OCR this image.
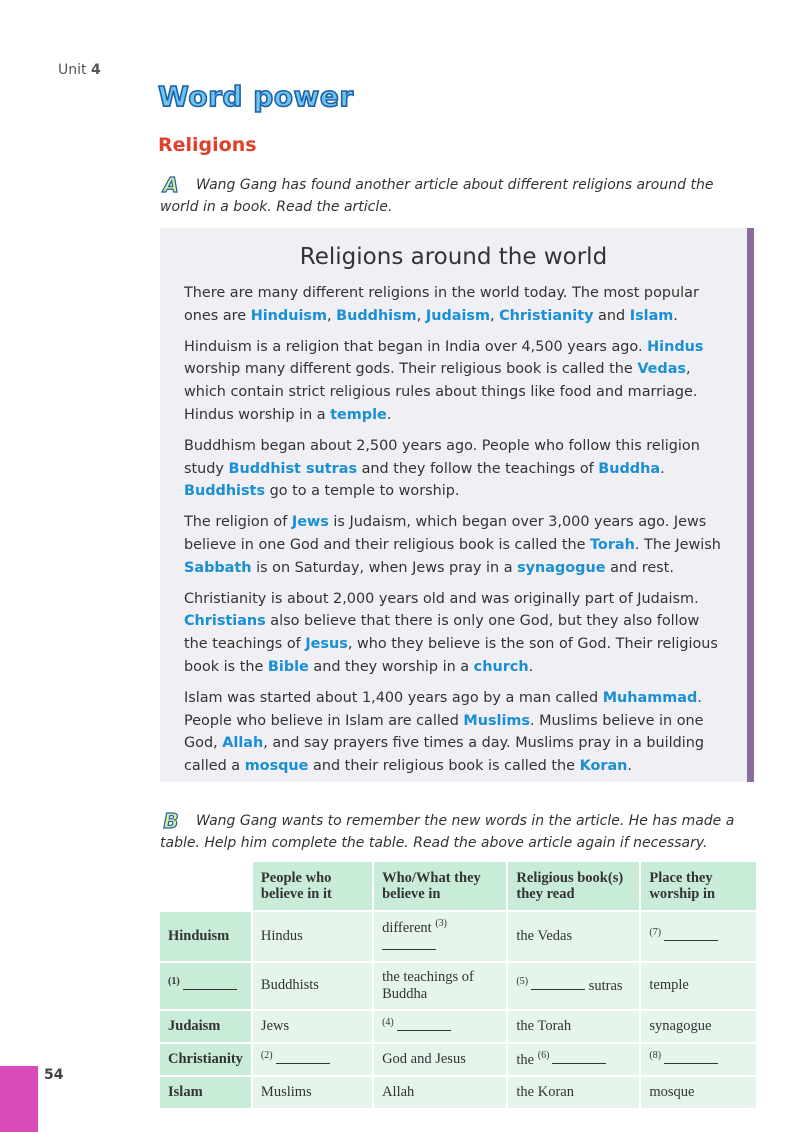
Unit 4
Word power
Religions
A Wang Gang has found another article about different religions around the world in a book. Read the article.
Religions around the world
There are many different religions in the world today. The most popular ones are Hinduism, Buddhism, Judaism, Christianity and Islam.
Hinduism is a religion that began in India over 4,500 years ago. Hindus worship many different gods. Their religious book is called the Vedas, which contain strict religious rules about things like food and marriage. Hindus worship in a temple.
Buddhism began about 2,500 years ago. People who follow this religion study Buddhist sutras and they follow the teachings of Buddha. Buddhists go to a temple to worship.
The religion of Jews is Judaism, which began over 3,000 years ago. Jews believe in one God and their religious book is called the Torah. The Jewish Sabbath is on Saturday, when Jews pray in a synagogue and rest.
Christianity is about 2,000 years old and was originally part of Judaism. Christians also believe that there is only one God, but they also follow the teachings of Jesus, who they believe is the son of God. Their religious book is the Bible and they worship in a church.
Islam was started about 1,400 years ago by a man called Muhammad. People who believe in Islam are called Muslims. Muslims believe in one God, Allah, and say prayers five times a day. Muslims pray in a building called a mosque and their religious book is called the Koran.
B Wang Gang wants to remember the new words in the article. He has made a table. Help him complete the table. Read the above article again if necessary.
	People who believe in it	Who/What they believe in	Religious book(s) they read	Place they worship in
Hinduism	Hindus	different $^{(3)}$	the Vedas	$^{(7)}$
$^{(1)}$	Buddhists	the teachings of Buddha	$^{(5)}$ sutras	temple
Judaism	Jews	$^{(4)}$	the Torah	synagogue
Christianity	$^{(2)}$	God and Jesus	the $^{(6)}$	$^{(8)}$
Islam	Muslims	Allah	the Koran	mosque
54
